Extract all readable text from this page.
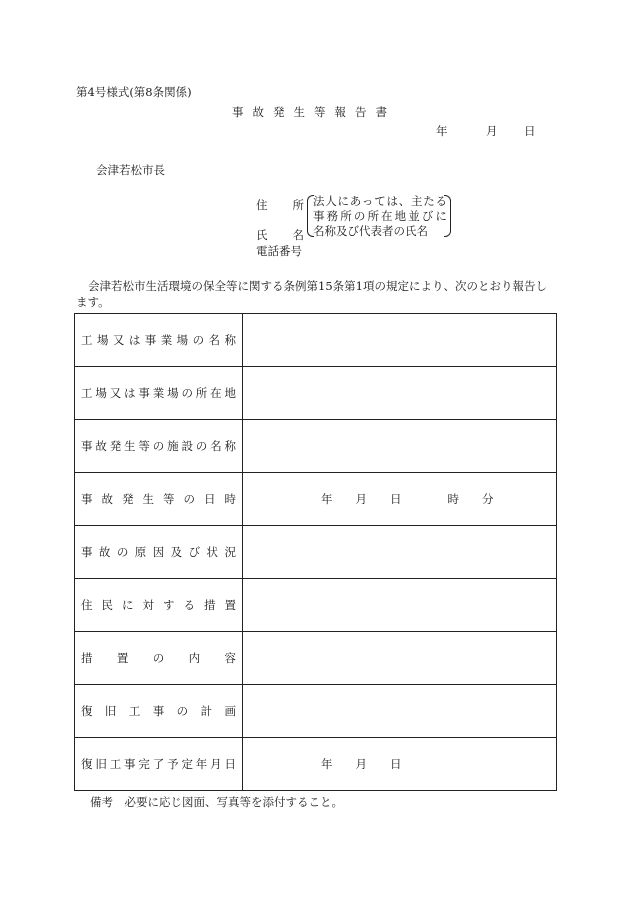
第4号様式(第8条関係)
事故発生等報告書
年	月 日
会津若松市長
住　所
氏　名
電話番号
法人にあっては、主たる
事務所の所在地並びに
名称及び代表者の氏名
会津若松市生活環境の保全等に関する条例第15条第1項の規定により、次のとおり報告します。
工場又は事業場の名称	

工場又は事業場の所在地	

事故発生等の施設の名称	

事故発生等の日時	年　　月　　日　　　　時　　分

事故の原因及び状況	

住民に対する措置	

措置の内容	

復旧工事の計画	

復旧工事完了予定年月日	年　　月　　日
備考　必要に応じ図面、写真等を添付すること。
